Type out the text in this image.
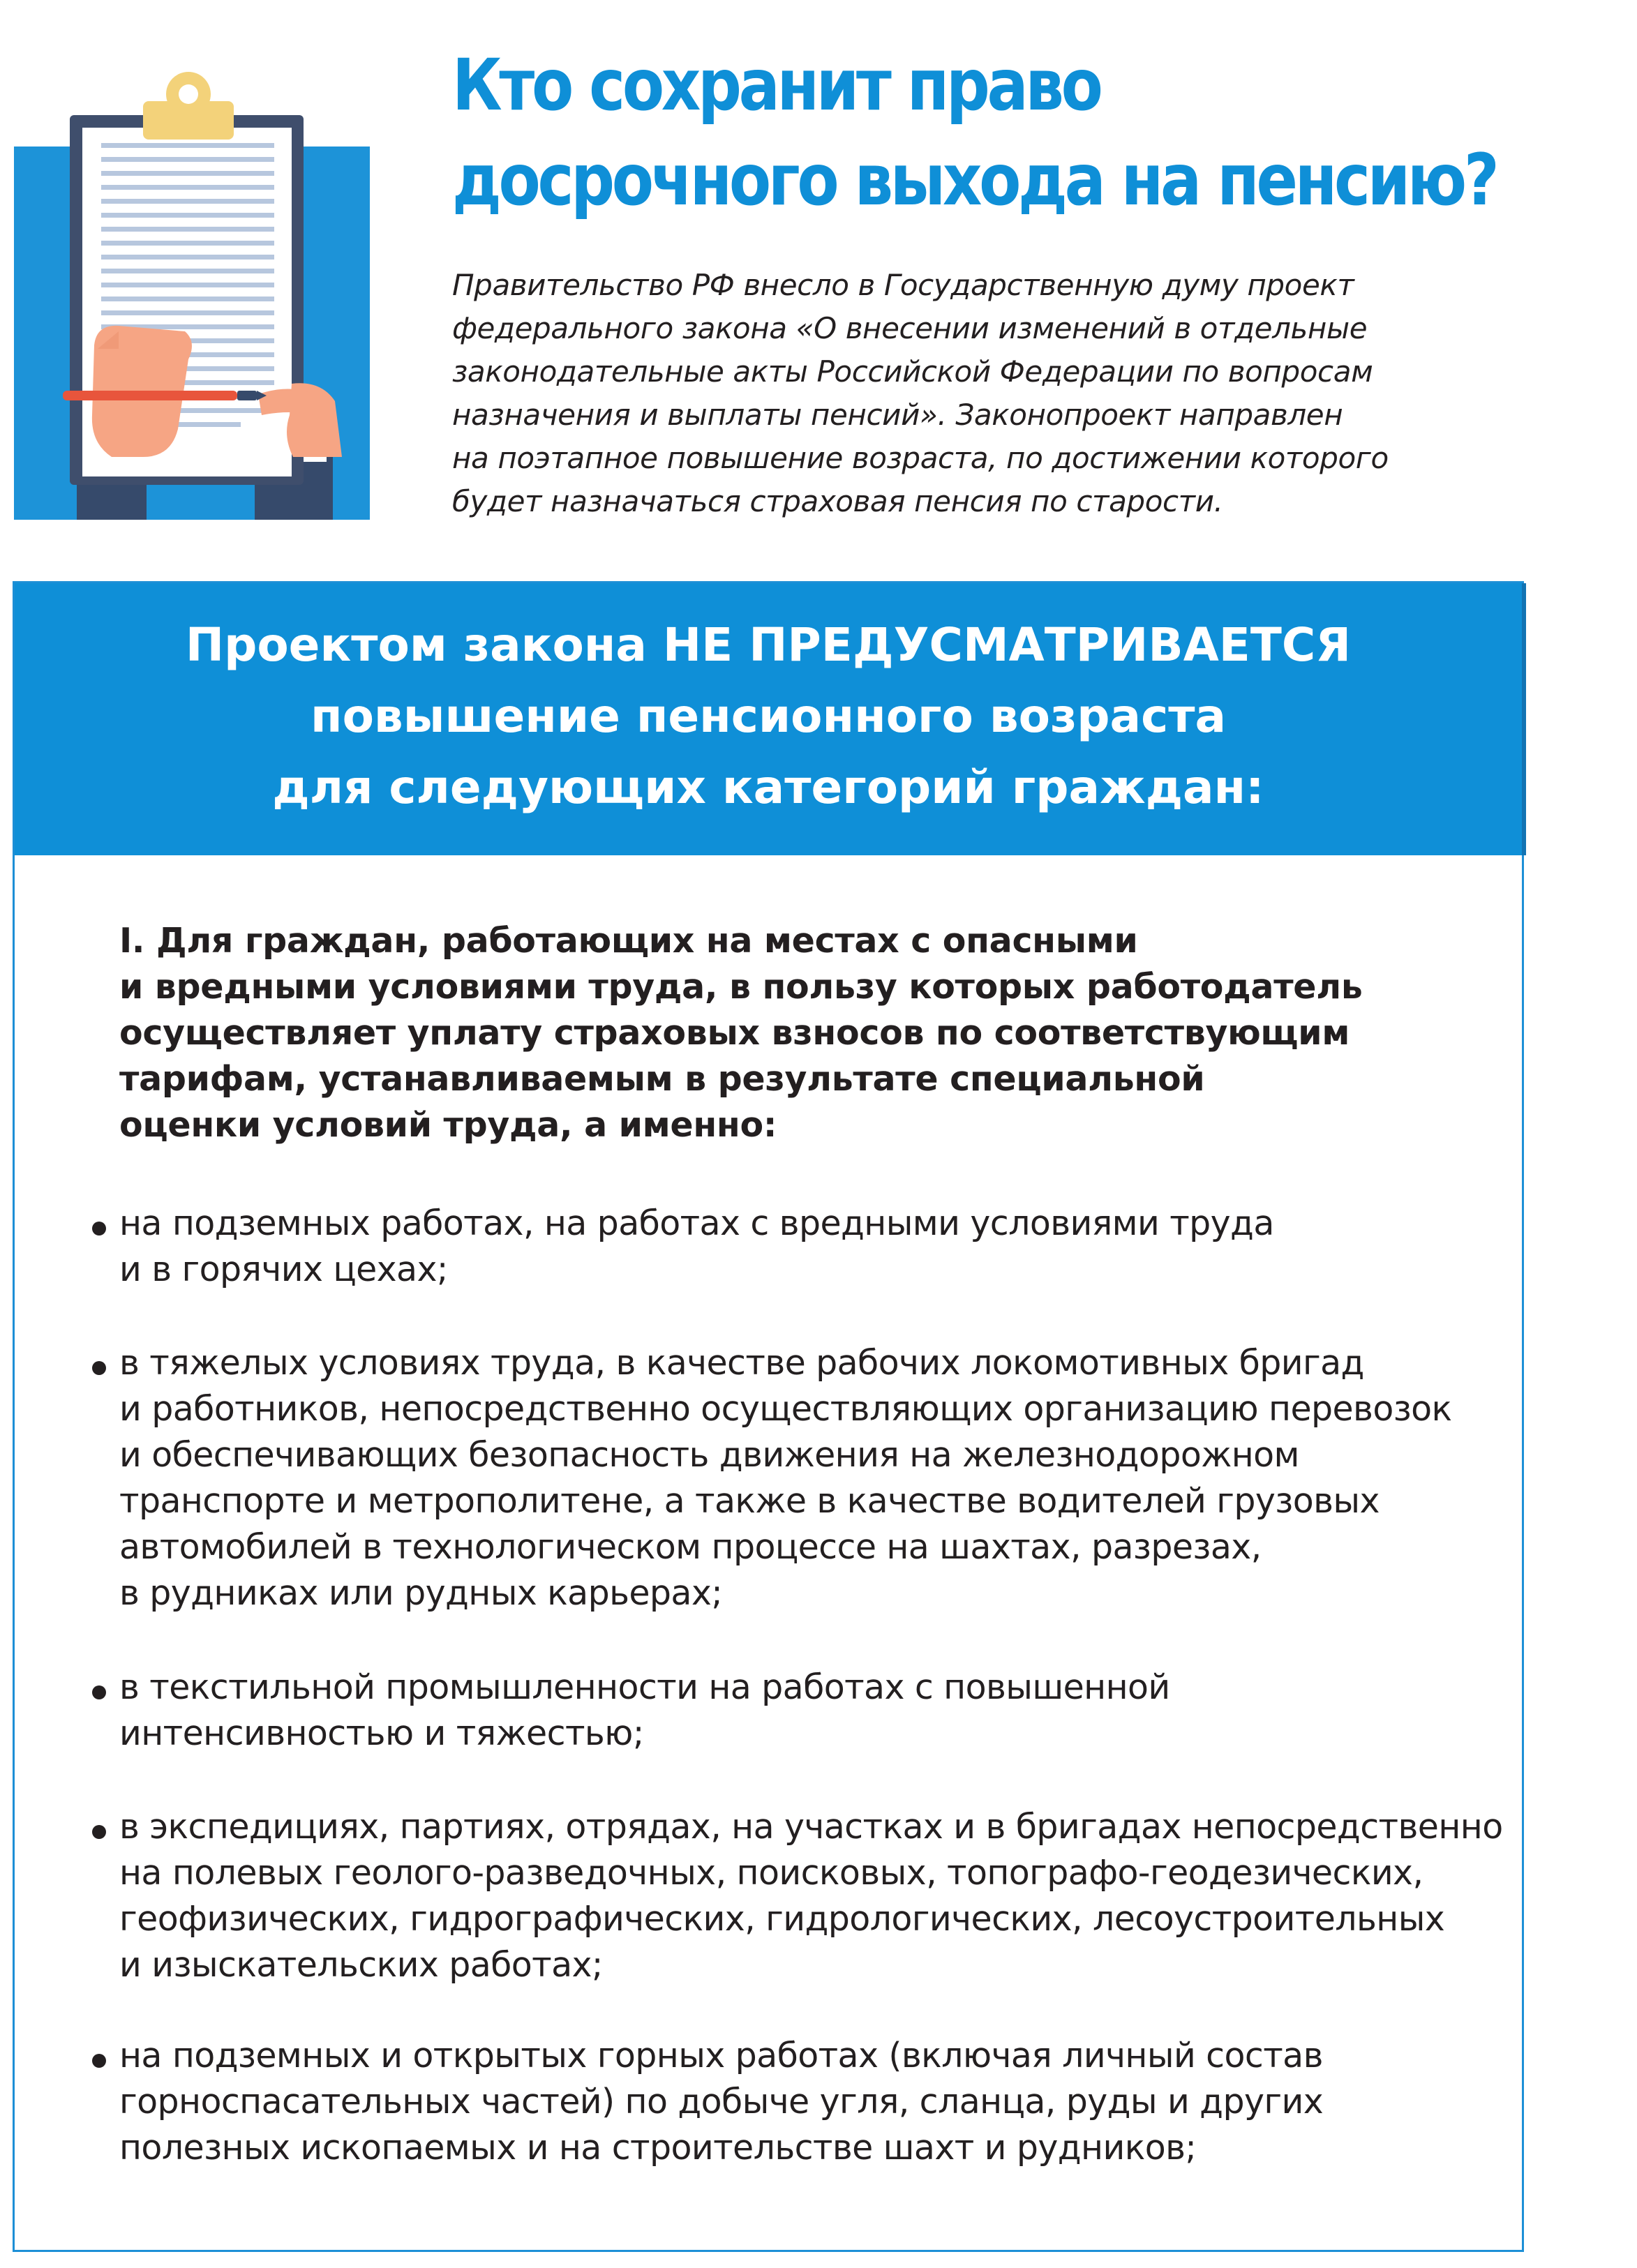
Кто сохранит право
досрочного выхода на пенсию?

Правительство РФ внесло в Государственную думу проект
федерального закона «О внесении изменений в отдельные
законодательные акты Российской Федерации по вопросам
назначения и выплаты пенсий». Законопроект направлен
на поэтапное повышение возраста, по достижении которого
будет назначаться страховая пенсия по старости.

Проектом закона НЕ ПРЕДУСМАТРИВАЕТСЯ
повышение пенсионного возраста
для следующих категорий граждан:

I. Для граждан, работающих на местах с опасными
и вредными условиями труда, в пользу которых работодатель
осуществляет уплату страховых взносов по соответствующим
тарифам, устанавливаемым в результате специальной
оценки условий труда, а именно:

на подземных работах, на работах с вредными условиями труда
и в горячих цехах;

в тяжелых условиях труда, в качестве рабочих локомотивных бригад
и работников, непосредственно осуществляющих организацию перевозок
и обеспечивающих безопасность движения на железнодорожном
транспорте и метрополитене, а также в качестве водителей грузовых
автомобилей в технологическом процессе на шахтах, разрезах,
в рудниках или рудных карьерах;

в текстильной промышленности на работах с повышенной
интенсивностью и тяжестью;

в экспедициях, партиях, отрядах, на участках и в бригадах непосредственно
на полевых геолого-разведочных, поисковых, топографо-геодезических,
геофизических, гидрографических, гидрологических, лесоустроительных
и изыскательских работах;

на подземных и открытых горных работах (включая личный состав
горноспасательных частей) по добыче угля, сланца, руды и других
полезных ископаемых и на строительстве шахт и рудников;
